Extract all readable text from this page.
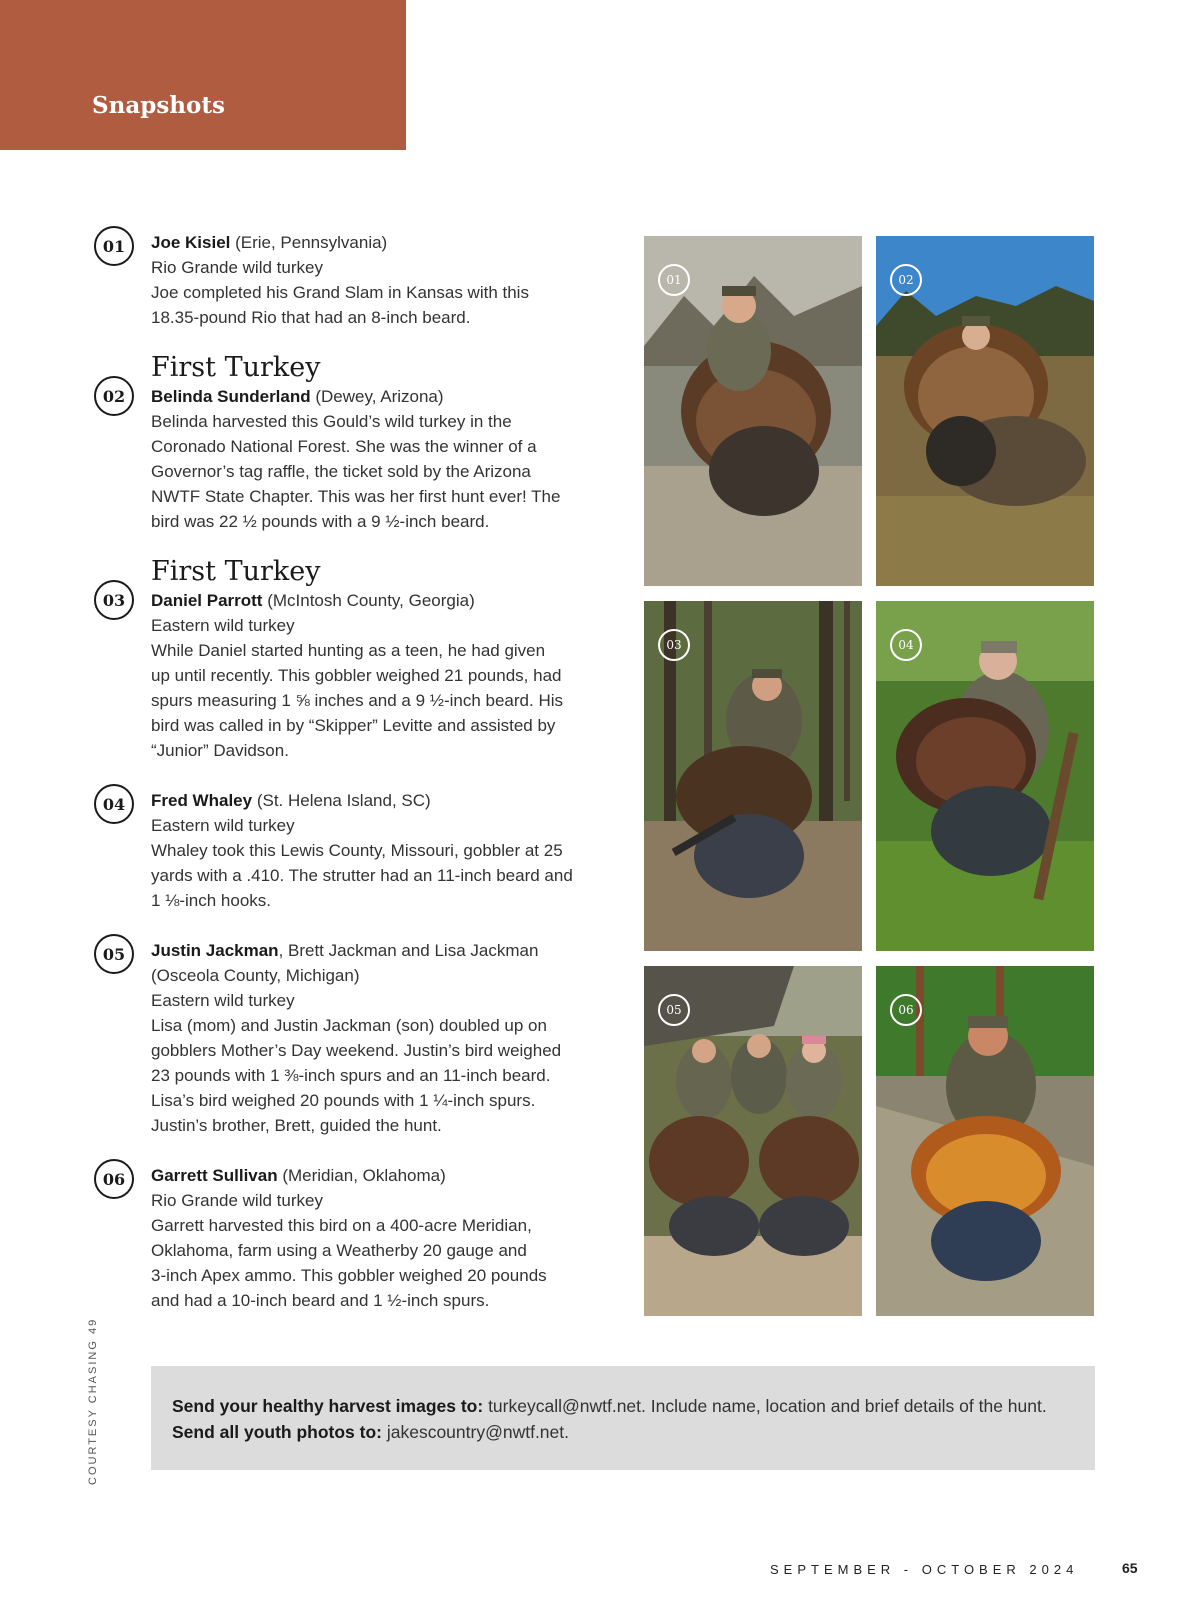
Snapshots
01	Joe Kisiel (Erie, Pennsylvania)
Rio Grande wild turkey
Joe completed his Grand Slam in Kansas with this
18.35-pound Rio that had an 8-inch beard.
First Turkey
02	Belinda Sunderland (Dewey, Arizona)
Belinda harvested this Gould’s wild turkey in the
Coronado National Forest. She was the winner of a
Governor’s tag raffle, the ticket sold by the Arizona
NWTF State Chapter. This was her first hunt ever! The
bird was 22 ½ pounds with a 9 ½-inch beard.
First Turkey
03	Daniel Parrott (McIntosh County, Georgia)
Eastern wild turkey
While Daniel started hunting as a teen, he had given
up until recently. This gobbler weighed 21 pounds, had
spurs measuring 1 ⅝ inches and a 9 ½-inch beard. His
bird was called in by “Skipper” Levitte and assisted by
“Junior” Davidson.
04	Fred Whaley (St. Helena Island, SC)
Eastern wild turkey
Whaley took this Lewis County, Missouri, gobbler at 25
yards with a .410. The strutter had an 11-inch beard and
1 ⅛-inch hooks.
05	Justin Jackman, Brett Jackman and Lisa Jackman
(Osceola County, Michigan)
Eastern wild turkey
Lisa (mom) and Justin Jackman (son) doubled up on
gobblers Mother’s Day weekend. Justin’s bird weighed
23 pounds with 1 ⅜-inch spurs and an 11-inch beard.
Lisa’s bird weighed 20 pounds with 1 ¼-inch spurs.
Justin’s brother, Brett, guided the hunt.
06	Garrett Sullivan (Meridian, Oklahoma)
Rio Grande wild turkey
Garrett harvested this bird on a 400-acre Meridian,
Oklahoma, farm using a Weatherby 20 gauge and
3-inch Apex ammo. This gobbler weighed 20 pounds
and had a 10-inch beard and 1 ½-inch spurs.
01	02
03	04
05	06
COURTESY CHASING 49	Send your healthy harvest images to: turkeycall@nwtf.net. Include name, location and brief details of the hunt. Send all youth photos to: jakescountry@nwtf.net.

SEPTEMBER - OCTOBER 2024	65
